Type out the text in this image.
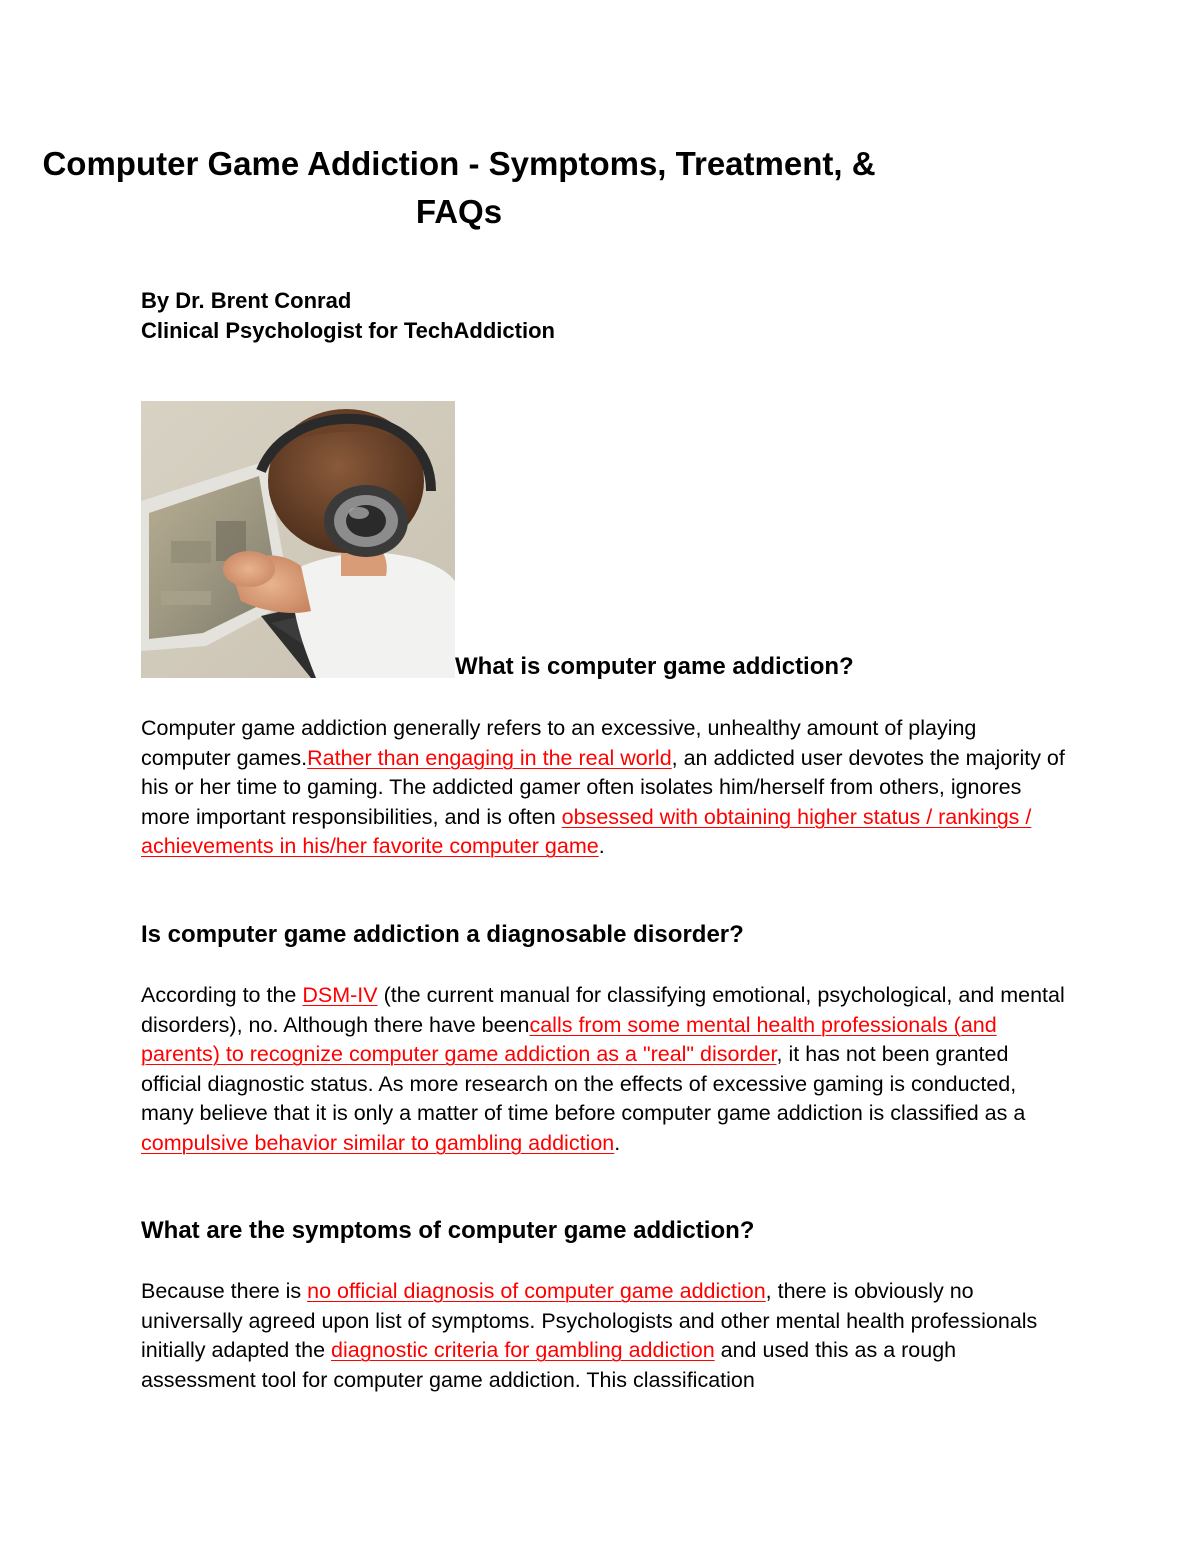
Computer Game Addiction - Symptoms, Treatment, &
FAQs
By Dr. Brent Conrad
Clinical Psychologist for TechAddiction
What is computer game addiction?

Computer game addiction generally refers to an excessive, unhealthy amount of playing computer games.Rather than engaging in the real world, an addicted user devotes the majority of his or her time to gaming. The addicted gamer often isolates him/herself from others, ignores more important responsibilities, and is often obsessed with obtaining higher status / rankings / achievements in his/her favorite computer game.

Is computer game addiction a diagnosable disorder?

According to the DSM-IV (the current manual for classifying emotional, psychological, and mental disorders), no. Although there have beencalls from some mental health professionals (and parents) to recognize computer game addiction as a "real" disorder, it has not been granted official diagnostic status. As more research on the effects of excessive gaming is conducted, many believe that it is only a matter of time before computer game addiction is classified as a compulsive behavior similar to gambling addiction.

What are the symptoms of computer game addiction?

Because there is no official diagnosis of computer game addiction, there is obviously no universally agreed upon list of symptoms. Psychologists and other mental health professionals initially adapted the diagnostic criteria for gambling addiction and used this as a rough assessment tool for computer game addiction. This classification
